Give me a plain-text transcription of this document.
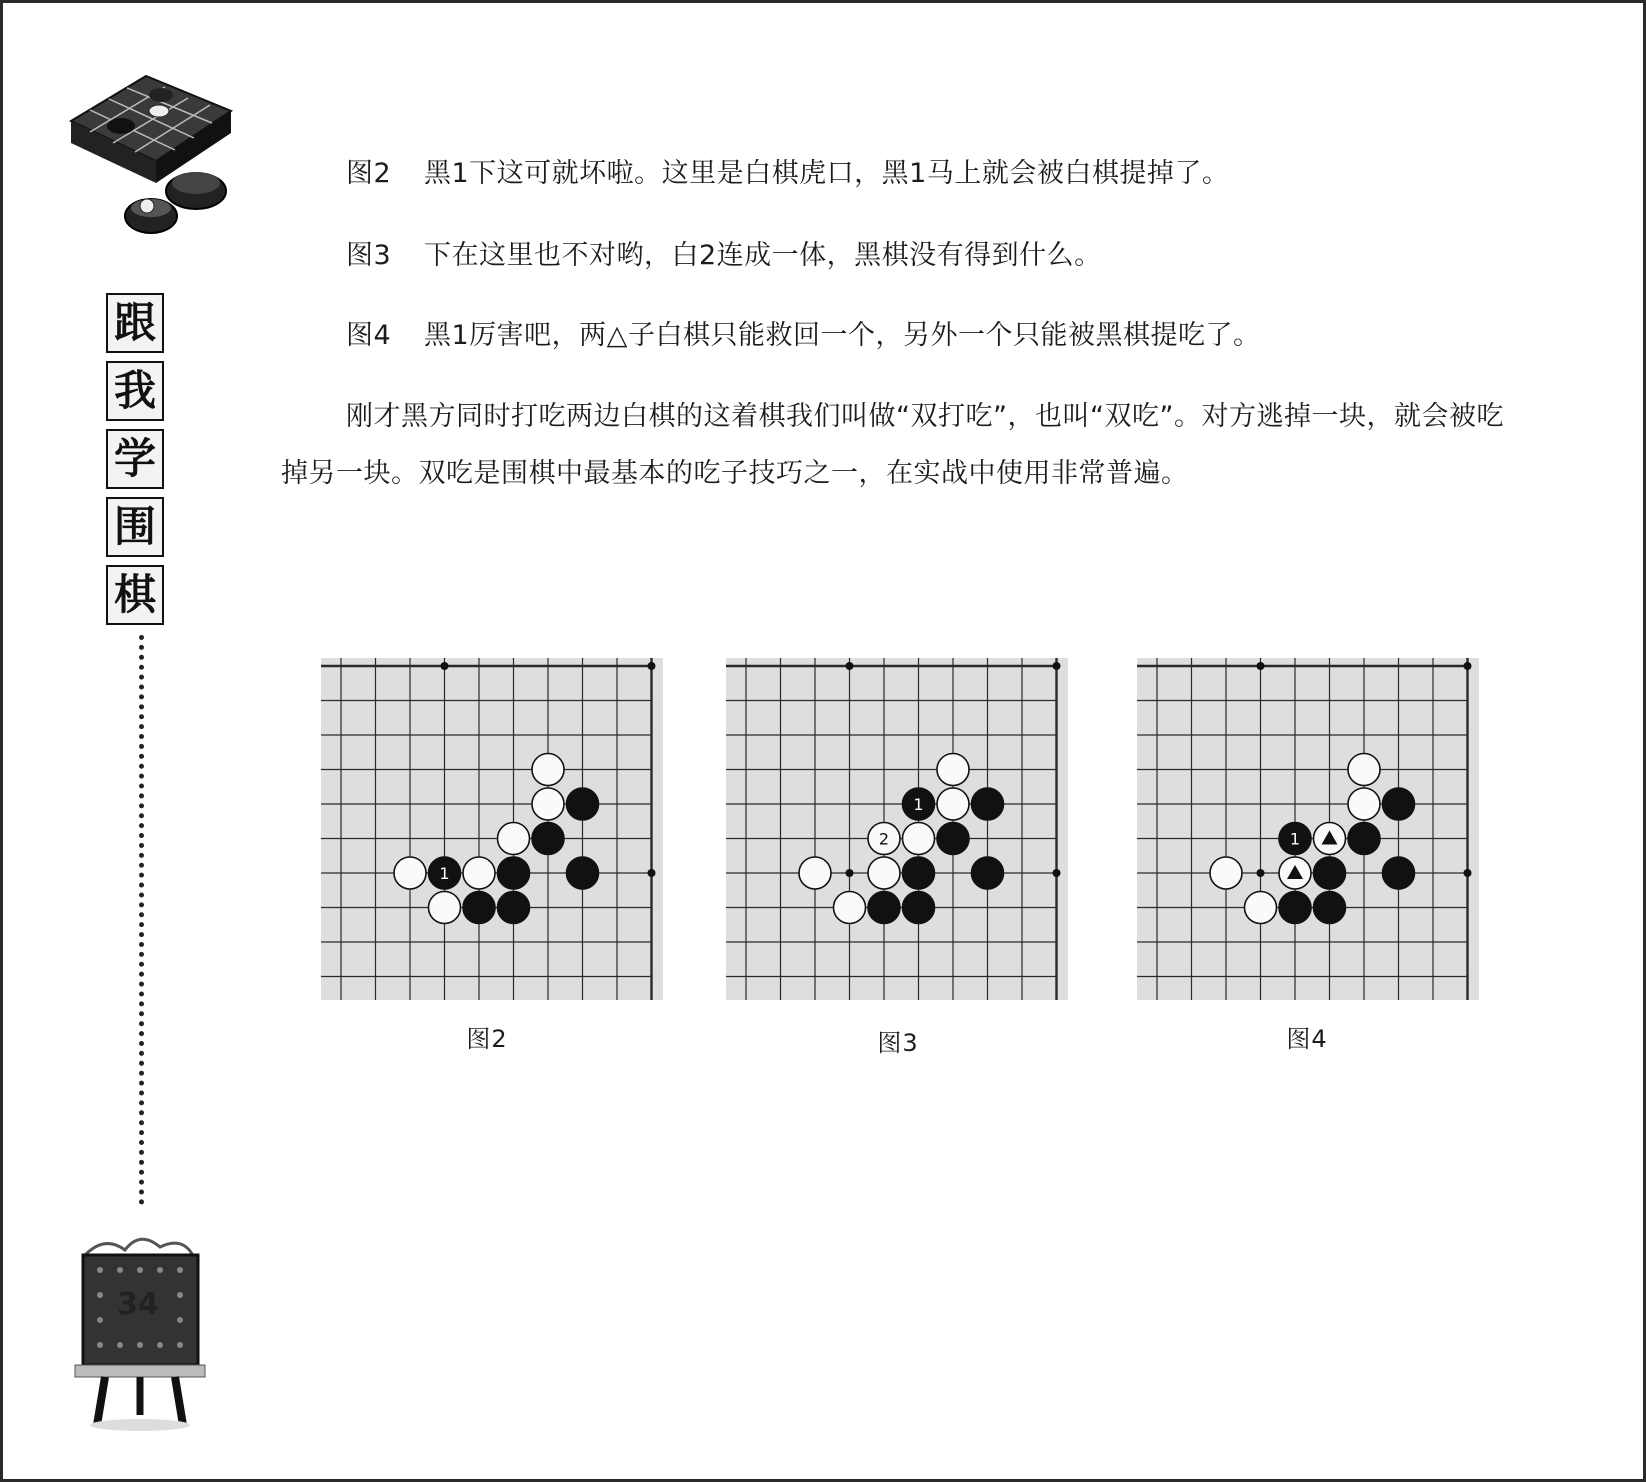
跟
我
学
围
棋
34

图2 黑1下这可就坏啦。这里是白棋虎口，黑1马上就会被白棋提掉了。

图3 下在这里也不对哟，白2连成一体，黑棋没有得到什么。

图4 黑1厉害吧，两△子白棋只能救回一个，另外一个只能被黑棋提吃了。

刚才黑方同时打吃两边白棋的这着棋我们叫做“双打吃”，也叫“双吃”。对方逃掉一块，就会被吃掉另一块。双吃是围棋中最基本的吃子技巧之一，在实战中使用非常普遍。

1
1
2	1
图2	图3	图4
